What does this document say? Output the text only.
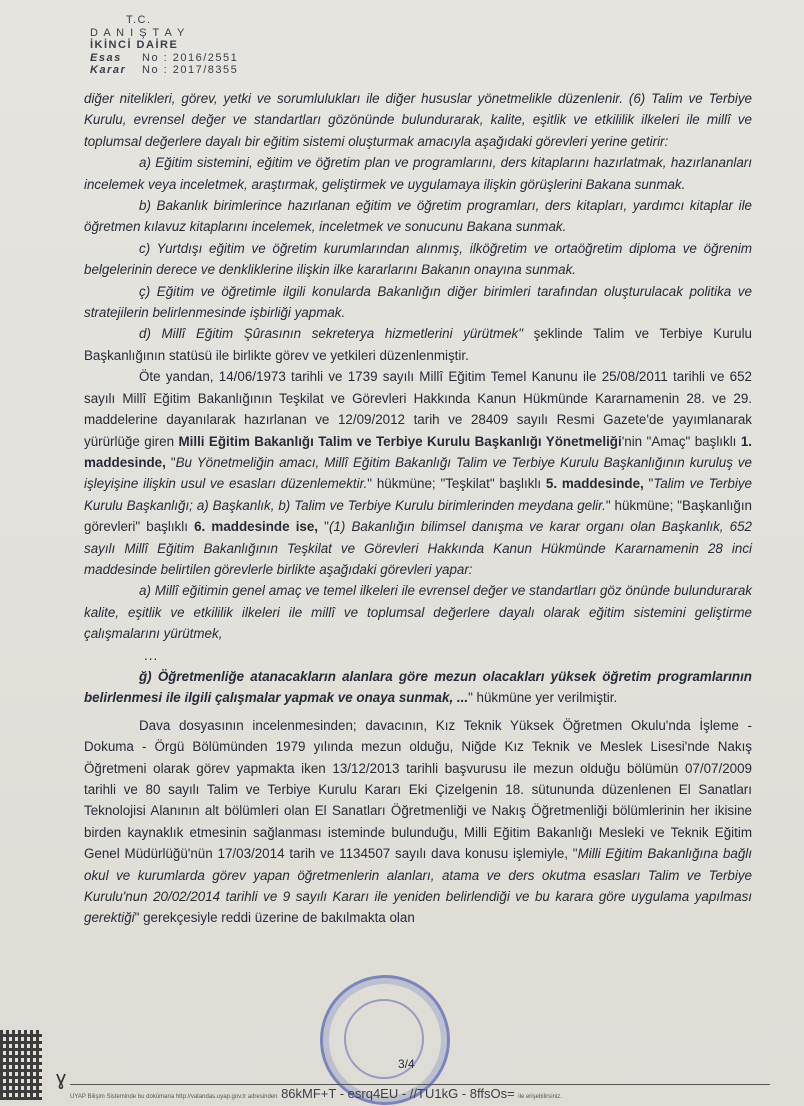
T.C.
D A N I Ş T A Y
İKİNCİ DAİRE
Esas	No : 2016/2551
Karar	No : 2017/8355

diğer nitelikleri, görev, yetki ve sorumlulukları ile diğer hususlar yönetmelikle düzenlenir. (6) Talim ve Terbiye Kurulu, evrensel değer ve standartları gözönünde bulundurarak, kalite, eşitlik ve etkililik ilkeleri ile millî ve toplumsal değerlere dayalı bir eğitim sistemi oluşturmak amacıyla aşağıdaki görevleri yerine getirir:

a) Eğitim sistemini, eğitim ve öğretim plan ve programlarını, ders kitaplarını hazırlatmak, hazırlananları incelemek veya inceletmek, araştırmak, geliştirmek ve uygulamaya ilişkin görüşlerini Bakana sunmak.

b) Bakanlık birimlerince hazırlanan eğitim ve öğretim programları, ders kitapları, yardımcı kitaplar ile öğretmen kılavuz kitaplarını incelemek, inceletmek ve sonucunu Bakana sunmak.

c) Yurtdışı eğitim ve öğretim kurumlarından alınmış, ilköğretim ve ortaöğretim diploma ve öğrenim belgelerinin derece ve denkliklerine ilişkin ilke kararlarını Bakanın onayına sunmak.

ç) Eğitim ve öğretimle ilgili konularda Bakanlığın diğer birimleri tarafından oluşturulacak politika ve stratejilerin belirlenmesinde işbirliği yapmak.

d) Millî Eğitim Şûrasının sekreterya hizmetlerini yürütmek" şeklinde Talim ve Terbiye Kurulu Başkanlığının statüsü ile birlikte görev ve yetkileri düzenlenmiştir.

Öte yandan, 14/06/1973 tarihli ve 1739 sayılı Millî Eğitim Temel Kanunu ile 25/08/2011 tarihli ve 652 sayılı Millî Eğitim Bakanlığının Teşkilat ve Görevleri Hakkında Kanun Hükmünde Kararnamenin 28. ve 29. maddelerine dayanılarak hazırlanan ve 12/09/2012 tarih ve 28409 sayılı Resmi Gazete'de yayımlanarak yürürlüğe giren Milli Eğitim Bakanlığı Talim ve Terbiye Kurulu Başkanlığı Yönetmeliği'nin "Amaç" başlıklı 1. maddesinde, "Bu Yönetmeliğin amacı, Millî Eğitim Bakanlığı Talim ve Terbiye Kurulu Başkanlığının kuruluş ve işleyişine ilişkin usul ve esasları düzenlemektir." hükmüne; "Teşkilat" başlıklı 5. maddesinde, "Talim ve Terbiye Kurulu Başkanlığı; a) Başkanlık, b) Talim ve Terbiye Kurulu birimlerinden meydana gelir." hükmüne; "Başkanlığın görevleri" başlıklı 6. maddesinde ise, "(1) Bakanlığın bilimsel danışma ve karar organı olan Başkanlık, 652 sayılı Millî Eğitim Bakanlığının Teşkilat ve Görevleri Hakkında Kanun Hükmünde Kararnamenin 28 inci maddesinde belirtilen görevlerle birlikte aşağıdaki görevleri yapar:

a) Millî eğitimin genel amaç ve temel ilkeleri ile evrensel değer ve standartları göz önünde bulundurarak kalite, eşitlik ve etkililik ilkeleri ile millî ve toplumsal değerlere dayalı olarak eğitim sistemini geliştirme çalışmalarını yürütmek,

...

ğ) Öğretmenliğe atanacakların alanlara göre mezun olacakları yüksek öğretim programlarının belirlenmesi ile ilgili çalışmalar yapmak ve onaya sunmak, ..." hükmüne yer verilmiştir.

Dava dosyasının incelenmesinden; davacının, Kız Teknik Yüksek Öğretmen Okulu'nda İşleme - Dokuma - Örgü Bölümünden 1979 yılında mezun olduğu, Niğde Kız Teknik ve Meslek Lisesi'nde Nakış Öğretmeni olarak görev yapmakta iken 13/12/2013 tarihli başvurusu ile mezun olduğu bölümün 07/07/2009 tarihli ve 80 sayılı Talim ve Terbiye Kurulu Kararı Eki Çizelgenin 18. sütununda düzenlenen El Sanatları Teknolojisi Alanının alt bölümleri olan El Sanatları Öğretmenliği ve Nakış Öğretmenliği bölümlerinin her ikisine birden kaynaklık etmesinin sağlanması isteminde bulunduğu, Milli Eğitim Bakanlığı Mesleki ve Teknik Eğitim Genel Müdürlüğü'nün 17/03/2014 tarih ve 1134507 sayılı dava konusu işlemiyle, "Milli Eğitim Bakanlığına bağlı okul ve kurumlarda görev yapan öğretmenlerin alanları, atama ve ders okutma esasları Talim ve Terbiye Kurulu'nun 20/02/2014 tarihli ve 9 sayılı Kararı ile yeniden belirlendiği ve bu karara göre uygulama yapılması gerektiği" gerekçesiyle reddi üzerine de bakılmakta olan

3/4
ɣ
UYAP Bilişim Sisteminde bu dokümana http://vatandas.uyap.gov.tr adresinden 86kMF+T - esrq4EU - //TU1kG - 8ffsOs= ile erişebilirsiniz.
